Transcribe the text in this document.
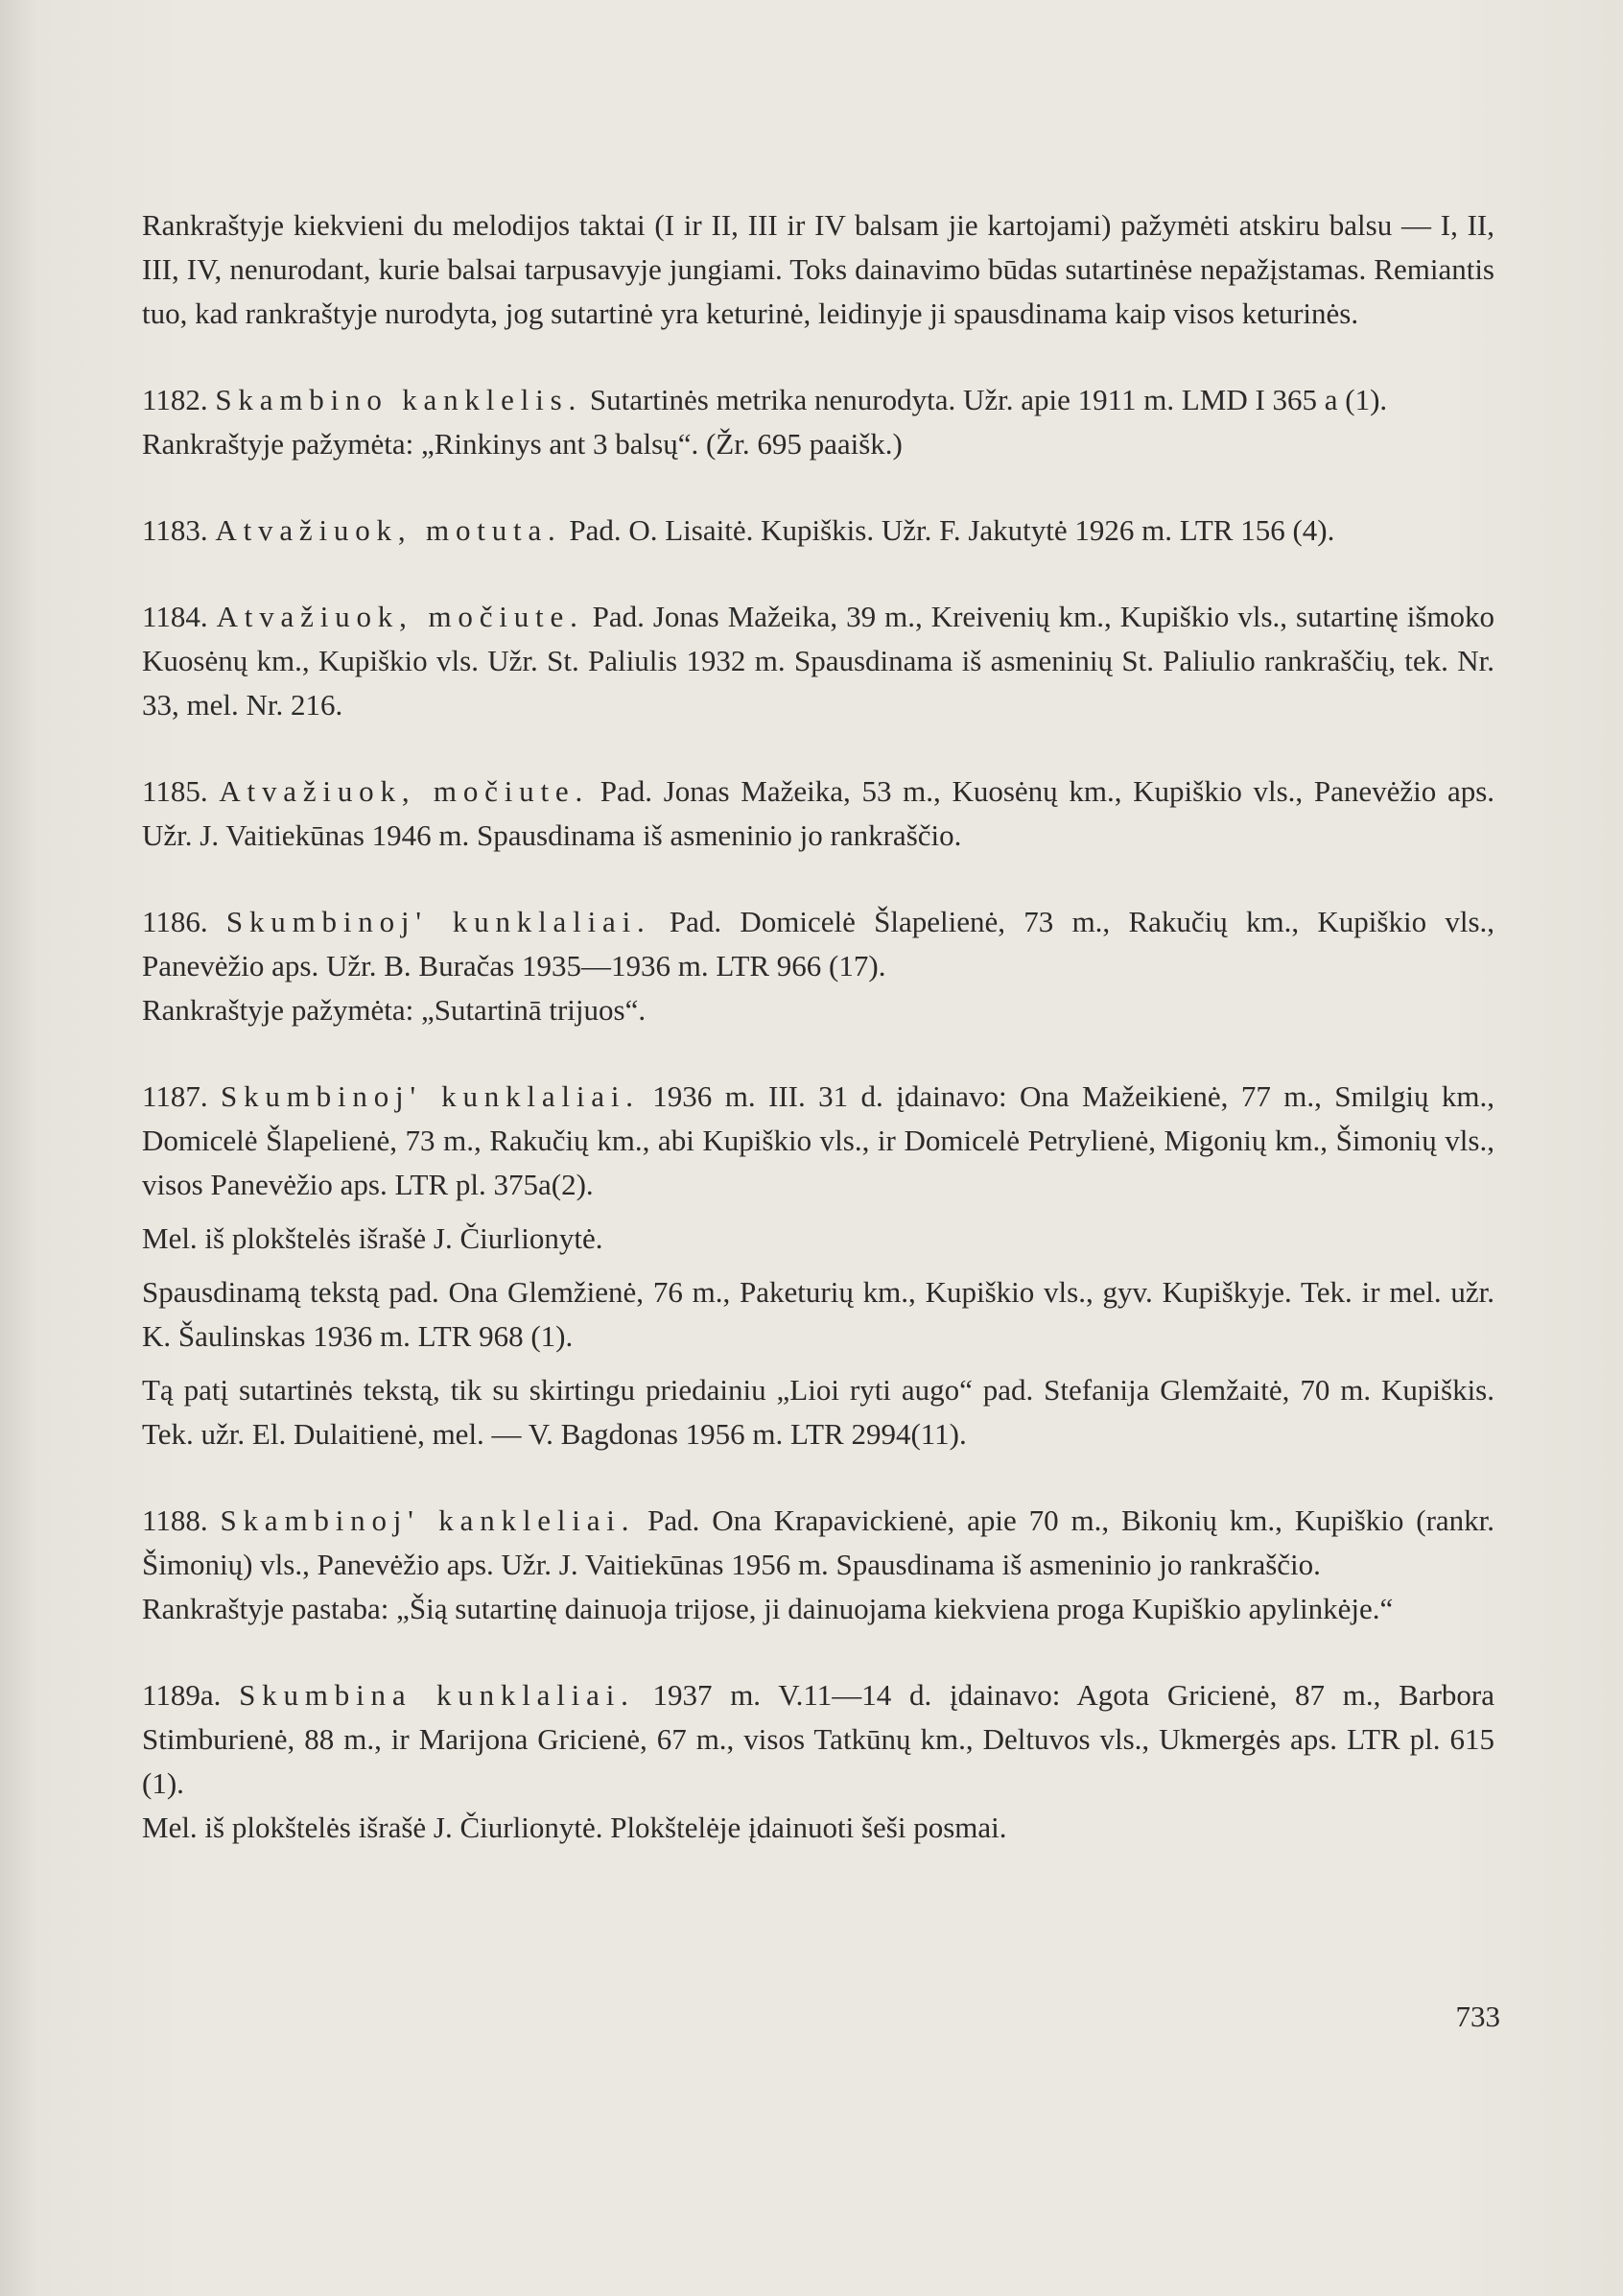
Rankraštyje kiekvieni du melodijos taktai (I ir II, III ir IV balsam jie kartojami) pažymėti atskiru balsu — I, II, III, IV, nenurodant, kurie balsai tarpusavyje jungiami. Toks dainavimo būdas sutartinėse nepažįstamas. Remiantis tuo, kad rankraštyje nurodyta, jog sutartinė yra keturinė, leidinyje ji spausdinama kaip visos keturinės.

1182. Skambino kanklelis. Sutartinės metrika nenurodyta. Užr. apie 1911 m. LMD I 365 a (1).

Rankraštyje pažymėta: „Rinkinys ant 3 balsų“. (Žr. 695 paaišk.)

1183. Atvažiuok, motuta. Pad. O. Lisaitė. Kupiškis. Užr. F. Jakutytė 1926 m. LTR 156 (4).

1184. Atvažiuok, močiute. Pad. Jonas Mažeika, 39 m., Kreivenių km., Kupiškio vls., sutartinę išmoko Kuosėnų km., Kupiškio vls. Užr. St. Paliulis 1932 m. Spausdinama iš asmeninių St. Paliulio rankraščių, tek. Nr. 33, mel. Nr. 216.

1185. Atvažiuok, močiute. Pad. Jonas Mažeika, 53 m., Kuosėnų km., Kupiškio vls., Panevėžio aps. Užr. J. Vaitiekūnas 1946 m. Spausdinama iš asmeninio jo rankraščio.

1186. Skumbinoj' kunklaliai. Pad. Domicelė Šlapelienė, 73 m., Rakučių km., Kupiškio vls., Panevėžio aps. Užr. B. Buračas 1935—1936 m. LTR 966 (17).

Rankraštyje pažymėta: „Sutartinā trijuos“.

1187. Skumbinoj' kunklaliai. 1936 m. III. 31 d. įdainavo: Ona Mažeikienė, 77 m., Smilgių km., Domicelė Šlapelienė, 73 m., Rakučių km., abi Kupiškio vls., ir Domicelė Petrylienė, Migonių km., Šimonių vls., visos Panevėžio aps. LTR pl. 375a(2).

Mel. iš plokštelės išrašė J. Čiurlionytė.

Spausdinamą tekstą pad. Ona Glemžienė, 76 m., Paketurių km., Kupiškio vls., gyv. Kupiškyje. Tek. ir mel. užr. K. Šaulinskas 1936 m. LTR 968 (1).

Tą patį sutartinės tekstą, tik su skirtingu priedainiu „Lioi ryti augo“ pad. Stefanija Glemžaitė, 70 m. Kupiškis. Tek. užr. El. Dulaitienė, mel. — V. Bagdonas 1956 m. LTR 2994(11).

1188. Skambinoj' kankleliai. Pad. Ona Krapavickienė, apie 70 m., Bikonių km., Kupiškio (rankr. Šimonių) vls., Panevėžio aps. Užr. J. Vaitiekūnas 1956 m. Spausdinama iš asmeninio jo rankraščio.

Rankraštyje pastaba: „Šią sutartinę dainuoja trijose, ji dainuojama kiekviena proga Kupiškio apylinkėje.“

1189a. Skumbina kunklaliai. 1937 m. V.11—14 d. įdainavo: Agota Gricienė, 87 m., Barbora Stimburienė, 88 m., ir Marijona Gricienė, 67 m., visos Tatkūnų km., Deltuvos vls., Ukmergės aps. LTR pl. 615 (1).

Mel. iš plokštelės išrašė J. Čiurlionytė. Plokštelėje įdainuoti šeši posmai.

733
